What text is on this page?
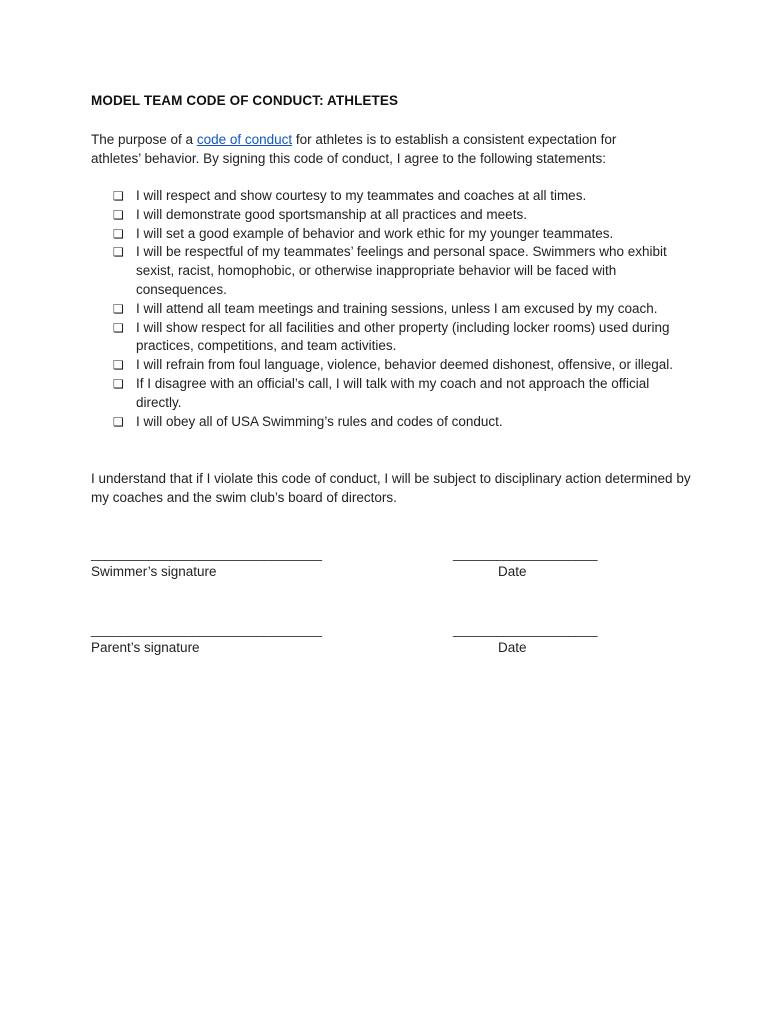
MODEL TEAM CODE OF CONDUCT: ATHLETES
The purpose of a code of conduct for athletes is to establish a consistent expectation for
athletes’ behavior. By signing this code of conduct, I agree to the following statements:
❏ I will respect and show courtesy to my teammates and coaches at all times.
❏ I will demonstrate good sportsmanship at all practices and meets.
❏ I will set a good example of behavior and work ethic for my younger teammates.
❏ I will be respectful of my teammates’ feelings and personal space. Swimmers who exhibit sexist, racist, homophobic, or otherwise inappropriate behavior will be faced with consequences.
❏ I will attend all team meetings and training sessions, unless I am excused by my coach.
❏ I will show respect for all facilities and other property (including locker rooms) used during practices, competitions, and team activities.
❏ I will refrain from foul language, violence, behavior deemed dishonest, offensive, or illegal.
❏ If I disagree with an official’s call, I will talk with my coach and not approach the official directly.
❏ I will obey all of USA Swimming’s rules and codes of conduct.
I understand that if I violate this code of conduct, I will be subject to disciplinary action determined by my coaches and the swim club’s board of directors.
________________________________	____________________
Swimmer’s signature	Date
________________________________	____________________
Parent’s signature	Date
